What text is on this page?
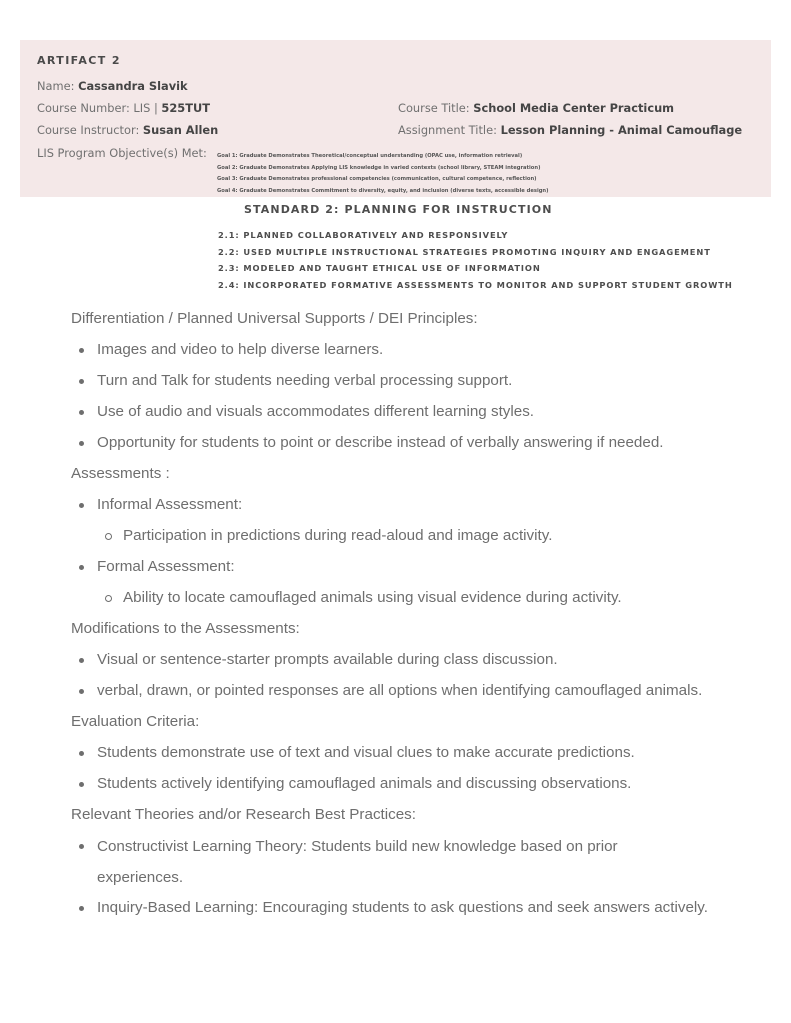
ARTIFACT 2
Name: Cassandra Slavik
Course Number: LIS | 525TUT	Course Title: School Media Center Practicum
Course Instructor: Susan Allen	Assignment Title: Lesson Planning - Animal Camouflage
LIS Program Objective(s) Met: Goal 1: Graduate Demonstrates Theoretical/conceptual understanding (OPAC use, information retrieval)
Goal 2: Graduate Demonstrates Applying LIS knowledge in varied contexts (school library, STEAM integration)
Goal 3: Graduate Demonstrates professional competencies (communication, cultural competence, reflection)
Goal 4: Graduate Demonstrates Commitment to diversity, equity, and inclusion (diverse texts, accessible design)
STANDARD 2: PLANNING FOR INSTRUCTION
2.1: PLANNED COLLABORATIVELY AND RESPONSIVELY
2.2: USED MULTIPLE INSTRUCTIONAL STRATEGIES PROMOTING INQUIRY AND ENGAGEMENT
2.3: MODELED AND TAUGHT ETHICAL USE OF INFORMATION
2.4: INCORPORATED FORMATIVE ASSESSMENTS TO MONITOR AND SUPPORT STUDENT GROWTH
Differentiation / Planned Universal Supports / DEI Principles:
Images and video to help diverse learners.
Turn and Talk for students needing verbal processing support.
Use of audio and visuals accommodates different learning styles.
Opportunity for students to point or describe instead of verbally answering if needed.
Assessments :
Informal Assessment:
Participation in predictions during read-aloud and image activity.
Formal Assessment:
Ability to locate camouflaged animals using visual evidence during activity.
Modifications to the Assessments:
Visual or sentence-starter prompts available during class discussion.
verbal, drawn, or pointed responses are all options when identifying camouflaged animals.
Evaluation Criteria:
Students demonstrate use of text and visual clues to make accurate predictions.
Students actively identifying camouflaged animals and discussing observations.
Relevant Theories and/or Research Best Practices:
Constructivist Learning Theory: Students build new knowledge based on prior experiences.
Inquiry-Based Learning: Encouraging students to ask questions and seek answers actively.
